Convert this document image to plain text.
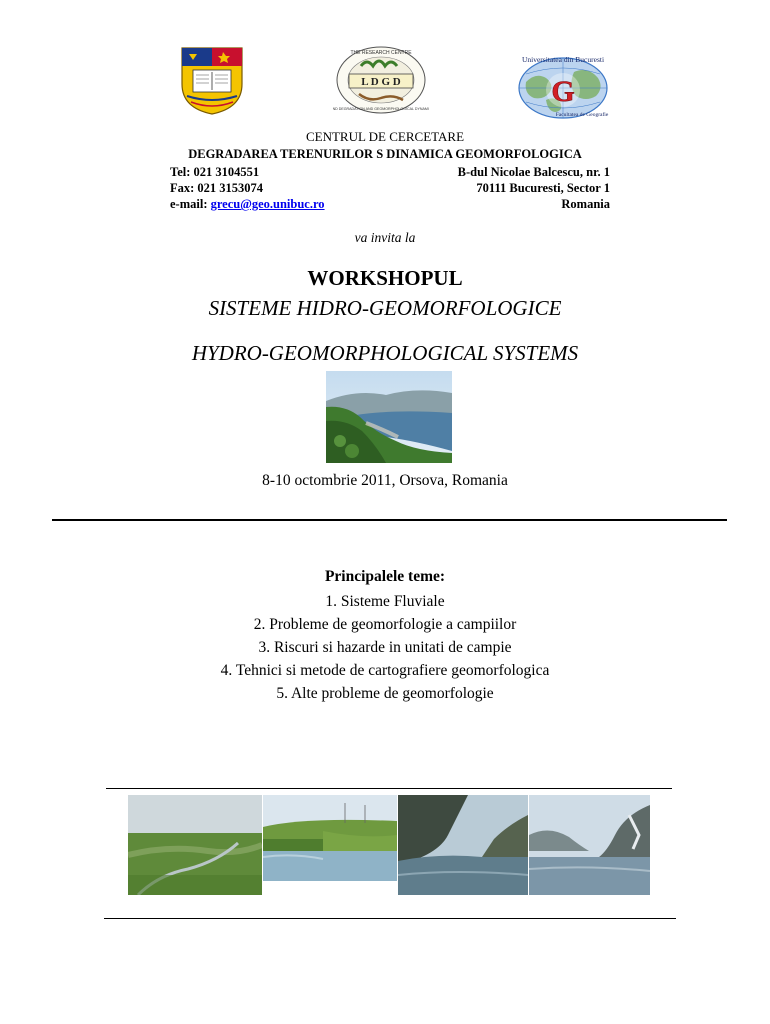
L D G D
THE RESEARCH CENTRE
LAND DEGRADATION AND GEOMORPHOLOGICAL DYNAMICS
G
Universitatea din Bucuresti
Facultatea de Geografie
CENTRUL DE CERCETARE
DEGRADAREA TERENURILOR S DINAMICA GEOMORFOLOGICA
Tel: 021 3104551	B-dul Nicolae Balcescu, nr. 1
Fax: 021 3153074	70111 Bucuresti, Sector 1
e-mail: grecu@geo.unibuc.ro	Romania
va invita la
WORKSHOPUL
SISTEME HIDRO-GEOMORFOLOGICE
HYDRO-GEOMORPHOLOGICAL SYSTEMS
8-10 octombrie 2011, Orsova, Romania
Principalele teme:
1. Sisteme Fluviale
2. Probleme de geomorfologie a campiilor
3. Riscuri si hazarde in unitati de campie
4. Tehnici si metode de cartografiere geomorfologica
5. Alte probleme de geomorfologie
